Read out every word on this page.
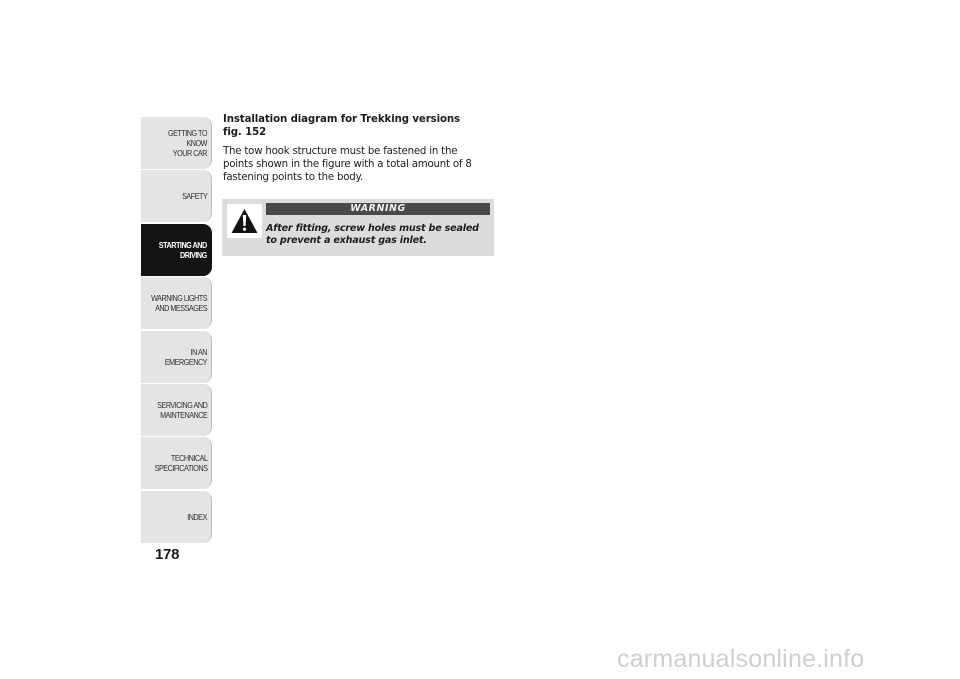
GETTING TO KNOW
YOUR CAR
SAFETY
STARTING AND
DRIVING
WARNING LIGHTS
AND MESSAGES
IN AN EMERGENCY
SERVICING AND
MAINTENANCE
TECHNICAL
SPECIFICATIONS
INDEX
178
Installation diagram for Trekking versions
fig. 152

The tow hook structure must be fastened in the
points shown in the figure with a total amount of 8
fastening points to the body.

WARNING
After fitting, screw holes must be sealed
to prevent a exhaust gas inlet.
carmanualsonline.info
